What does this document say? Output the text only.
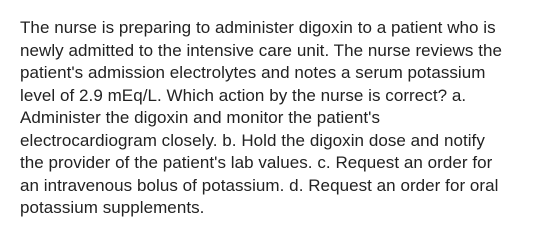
The nurse is preparing to administer digoxin to a patient who is
newly admitted to the intensive care unit. The nurse reviews the
patient's admission electrolytes and notes a serum potassium
level of 2.9 mEq/L. Which action by the nurse is correct? a.
Administer the digoxin and monitor the patient's
electrocardiogram closely. b. Hold the digoxin dose and notify
the provider of the patient's lab values. c. Request an order for
an intravenous bolus of potassium. d. Request an order for oral
potassium supplements.
